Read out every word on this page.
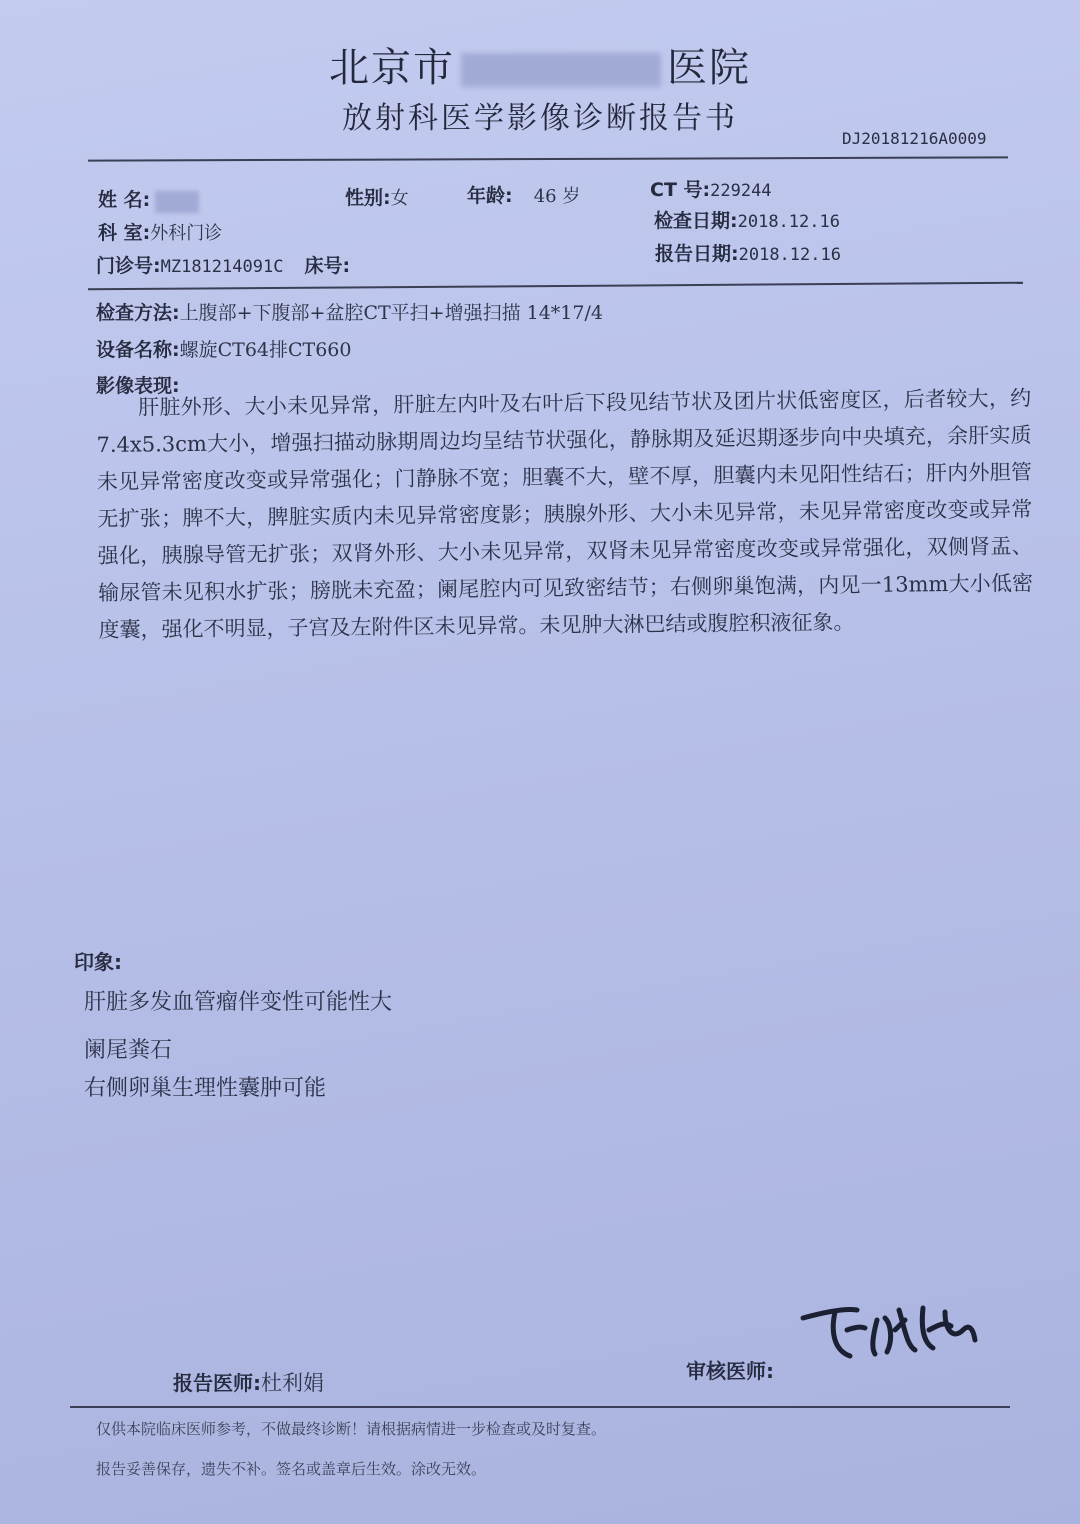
北京市	医院
放射科医学影像诊断报告书
DJ20181216A0009
姓 名:	性别:女	年龄: 46 岁	CT 号:229244
科 室:外科门诊
检查日期:2018.12.16
门诊号:MZ181214091C 床号:
报告日期:2018.12.16
检查方法:上腹部+下腹部+盆腔CT平扫+增强扫描 14*17/4
设备名称:螺旋CT64排CT660
影像表现:
肝脏外形、大小未见异常，肝脏左内叶及右叶后下段见结节状及团片状低密度区，后者较大，约7.4x5.3cm大小，增强扫描动脉期周边均呈结节状强化，静脉期及延迟期逐步向中央填充，余肝实质未见异常密度改变或异常强化；门静脉不宽；胆囊不大，壁不厚，胆囊内未见阳性结石；肝内外胆管无扩张；脾不大，脾脏实质内未见异常密度影；胰腺外形、大小未见异常，未见异常密度改变或异常强化，胰腺导管无扩张；双肾外形、大小未见异常，双肾未见异常密度改变或异常强化，双侧肾盂、输尿管未见积水扩张；膀胱未充盈；阑尾腔内可见致密结节；右侧卵巢饱满，内见一13mm大小低密度囊，强化不明显，子宫及左附件区未见异常。未见肿大淋巴结或腹腔积液征象。
印象:
肝脏多发血管瘤伴变性可能性大
阑尾粪石
右侧卵巢生理性囊肿可能
报告医师:杜利娟	审核医师:
仅供本院临床医师参考，不做最终诊断！请根据病情进一步检查或及时复查。
报告妥善保存，遗失不补。签名或盖章后生效。涂改无效。
